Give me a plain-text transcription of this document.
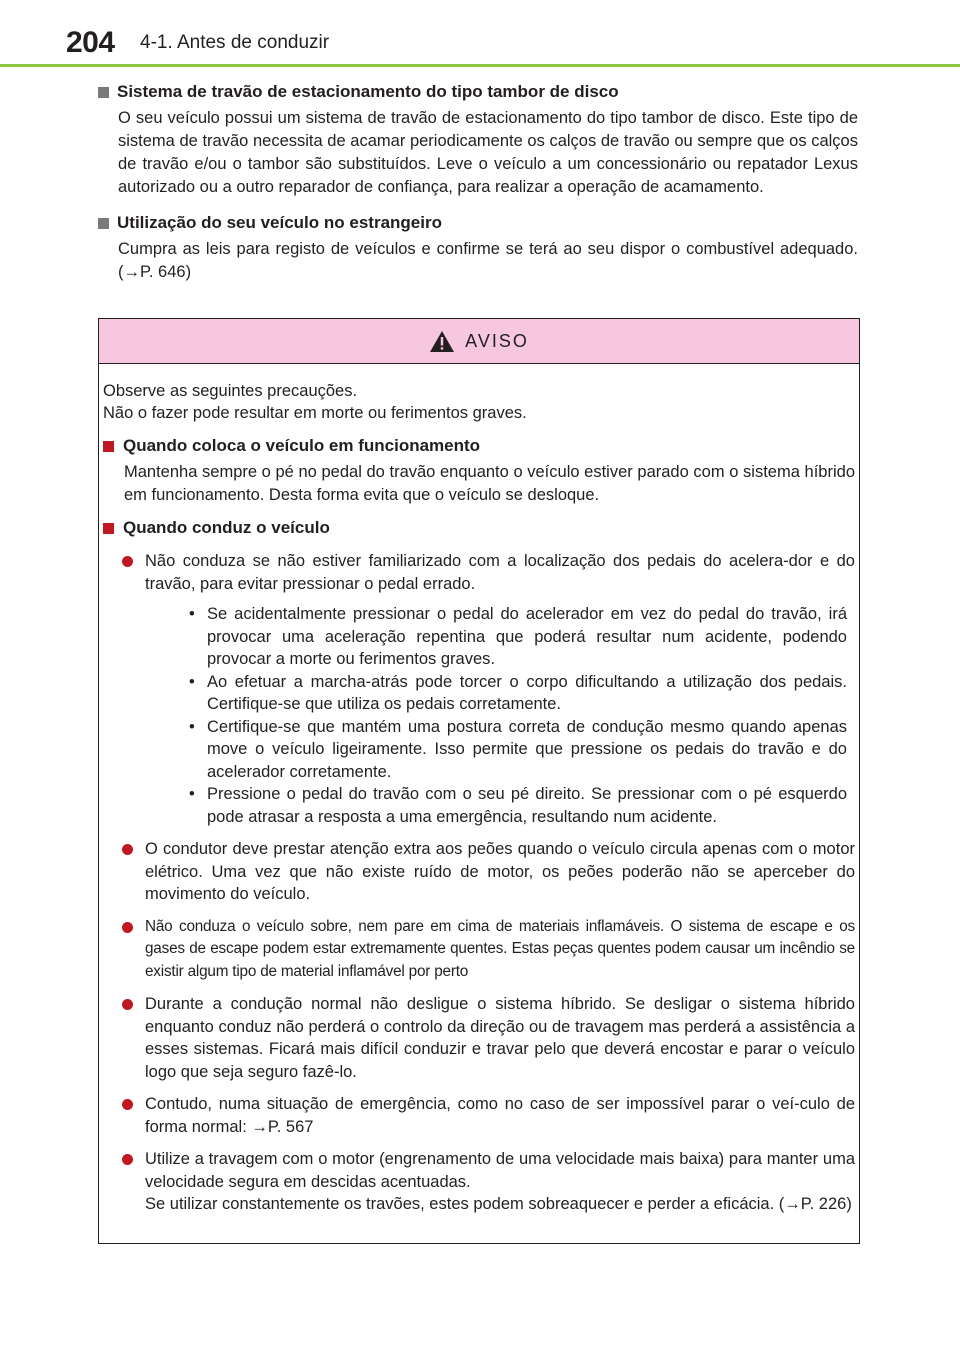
204 4-1. Antes de conduzir
Sistema de travão de estacionamento do tipo tambor de disco

O seu veículo possui um sistema de travão de estacionamento do tipo tambor de disco. Este tipo de sistema de travão necessita de acamar periodicamente os calços de travão ou sempre que os calços de travão e/ou o tambor são substituídos. Leve o veículo a um concessionário ou repatador Lexus autorizado ou a outro reparador de confiança, para realizar a operação de acamamento.

Utilização do seu veículo no estrangeiro

Cumpra as leis para registo de veículos e confirme se terá ao seu dispor o combustível adequado. (→P. 646)

AVISO

Observe as seguintes precauções.

Não o fazer pode resultar em morte ou ferimentos graves.

Quando coloca o veículo em funcionamento

Mantenha sempre o pé no pedal do travão enquanto o veículo estiver parado com o sistema híbrido em funcionamento. Desta forma evita que o veículo se desloque.

Quando conduz o veículo
Não conduza se não estiver familiarizado com a localização dos pedais do acelera-dor e do travão, para evitar pressionar o pedal errado.
• Se acidentalmente pressionar o pedal do acelerador em vez do pedal do travão, irá provocar uma aceleração repentina que poderá resultar num acidente, podendo provocar a morte ou ferimentos graves.
• Ao efetuar a marcha-atrás pode torcer o corpo dificultando a utilização dos pedais. Certifique-se que utiliza os pedais corretamente.
• Certifique-se que mantém uma postura correta de condução mesmo quando apenas move o veículo ligeiramente. Isso permite que pressione os pedais do travão e do acelerador corretamente.
• Pressione o pedal do travão com o seu pé direito. Se pressionar com o pé esquerdo pode atrasar a resposta a uma emergência, resultando num acidente.
O condutor deve prestar atenção extra aos peões quando o veículo circula apenas com o motor elétrico. Uma vez que não existe ruído de motor, os peões poderão não se aperceber do movimento do veículo.
Não conduza o veículo sobre, nem pare em cima de materiais inflamáveis. O sistema de escape e os gases de escape podem estar extremamente quentes. Estas peças quentes podem causar um incêndio se existir algum tipo de material inflamável por perto
Durante a condução normal não desligue o sistema híbrido. Se desligar o sistema híbrido enquanto conduz não perderá o controlo da direção ou de travagem mas perderá a assistência a esses sistemas. Ficará mais difícil conduzir e travar pelo que deverá encostar e parar o veículo logo que seja seguro fazê-lo.
Contudo, numa situação de emergência, como no caso de ser impossível parar o veí-culo de forma normal: →P. 567
Utilize a travagem com o motor (engrenamento de uma velocidade mais baixa) para manter uma velocidade segura em descidas acentuadas.
Se utilizar constantemente os travões, estes podem sobreaquecer e perder a eficácia. (→P. 226)
